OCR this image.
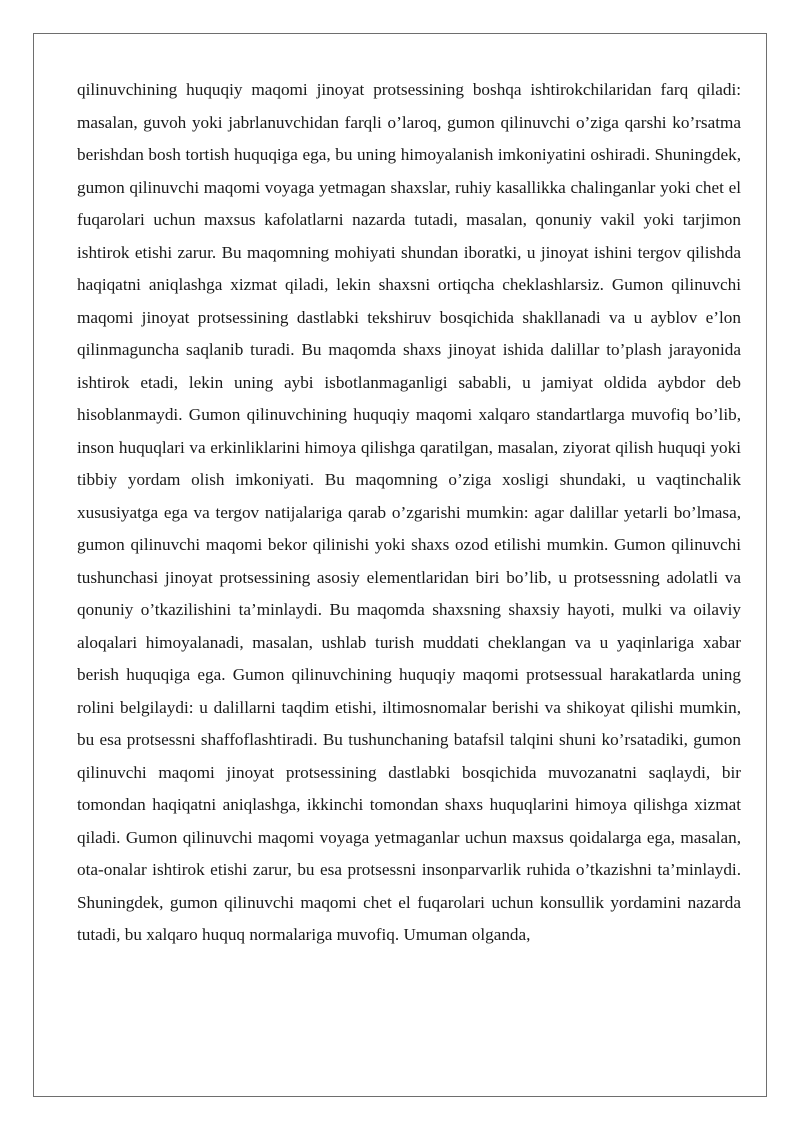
qilinuvchining huquqiy maqomi jinoyat protsessining boshqa ishtirokchilaridan farq qiladi: masalan, guvoh yoki jabrlanuvchidan farqli o’laroq, gumon qilinuvchi o’ziga qarshi ko’rsatma berishdan bosh tortish huquqiga ega, bu uning himoyalanish imkoniyatini oshiradi. Shuningdek, gumon qilinuvchi maqomi voyaga yetmagan shaxslar, ruhiy kasallikka chalinganlar yoki chet el fuqarolari uchun maxsus kafolatlarni nazarda tutadi, masalan, qonuniy vakil yoki tarjimon ishtirok etishi zarur. Bu maqomning mohiyati shundan iboratki, u jinoyat ishini tergov qilishda haqiqatni aniqlashga xizmat qiladi, lekin shaxsni ortiqcha cheklashlarsiz. Gumon qilinuvchi maqomi jinoyat protsessining dastlabki tekshiruv bosqichida shakllanadi va u ayblov e’lon qilinmaguncha saqlanib turadi. Bu maqomda shaxs jinoyat ishida dalillar to’plash jarayonida ishtirok etadi, lekin uning aybi isbotlanmaganligi sababli, u jamiyat oldida aybdor deb hisoblanmaydi. Gumon qilinuvchining huquqiy maqomi xalqaro standartlarga muvofiq bo’lib, inson huquqlari va erkinliklarini himoya qilishga qaratilgan, masalan, ziyorat qilish huquqi yoki tibbiy yordam olish imkoniyati. Bu maqomning o’ziga xosligi shundaki, u vaqtinchalik xususiyatga ega va tergov natijalariga qarab o’zgarishi mumkin: agar dalillar yetarli bo’lmasa, gumon qilinuvchi maqomi bekor qilinishi yoki shaxs ozod etilishi mumkin. Gumon qilinuvchi tushunchasi jinoyat protsessining asosiy elementlaridan biri bo’lib, u protsessning adolatli va qonuniy o’tkazilishini ta’minlaydi. Bu maqomda shaxsning shaxsiy hayoti, mulki va oilaviy aloqalari himoyalanadi, masalan, ushlab turish muddati cheklangan va u yaqinlariga xabar berish huquqiga ega. Gumon qilinuvchining huquqiy maqomi protsessual harakatlarda uning rolini belgilaydi: u dalillarni taqdim etishi, iltimosnomalar berishi va shikoyat qilishi mumkin, bu esa protsessni shaffoflashtiradi. Bu tushunchaning batafsil talqini shuni ko’rsatadiki, gumon qilinuvchi maqomi jinoyat protsessining dastlabki bosqichida muvozanatni saqlaydi, bir tomondan haqiqatni aniqlashga, ikkinchi tomondan shaxs huquqlarini himoya qilishga xizmat qiladi. Gumon qilinuvchi maqomi voyaga yetmaganlar uchun maxsus qoidalarga ega, masalan, ota-onalar ishtirok etishi zarur, bu esa protsessni insonparvarlik ruhida o’tkazishni ta’minlaydi. Shuningdek, gumon qilinuvchi maqomi chet el fuqarolari uchun konsullik yordamini nazarda tutadi, bu xalqaro huquq normalariga muvofiq. Umuman olganda,
